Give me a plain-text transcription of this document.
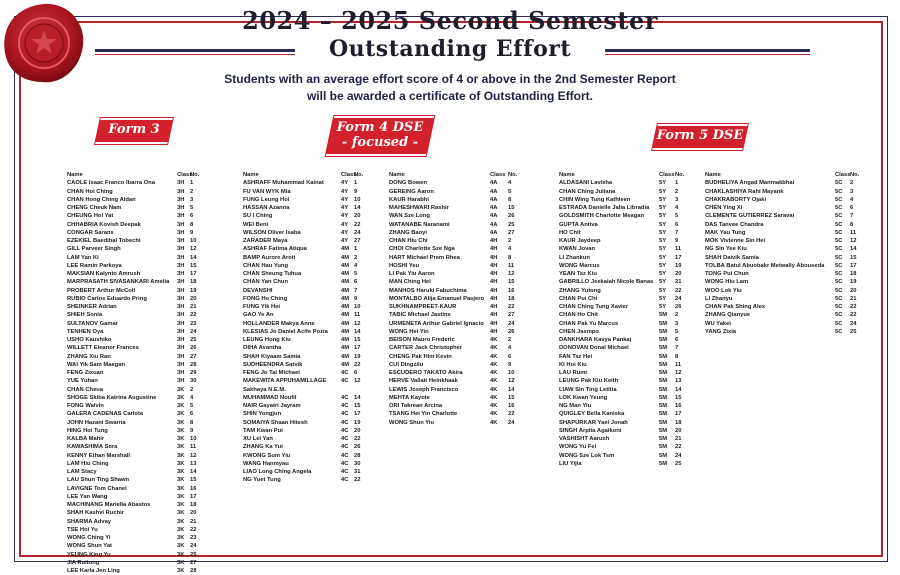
2024 – 2025 Second Semester
Outstanding Effort
Students with an average effort score of 4 or above in the 2nd Semester Report
will be awarded a certificate of Outstanding Effort.
Form 3	Form 4 DSE
- focused -	Form 5 DSE
Name	Class
No.
CAOLE Isaac Franco Ibarra Ona	3H 1
CHAN Hoi Ching	3H 2
CHAN Hong Ching Aidan	3H 3
CHENG Cheuk Nam	3H 5
CHEUNG Hoi Yat	3H 6
CHHABRIA Kovish Deepak	3H 8
CONGAR Sarans	3H 9
EZEKIEL Baedibal Tobechi	3H 10
GILL Parveer Singh	3H 12
LAM Yan Ki	3H 14
LEE Ramin Parkoya	3H 15
MAKSIAN Kalynto Amrush	3H 17
MARPRASATH SIVASANKARI Amelia	3H 18
PROBERT Arthur McColl	3H 19
RUBIO Carlos Eduardo Pring	3H 20
SHEINKER Adrian	3H 21
SHIEH Sonia	3H 22
SULTANOV Gamar	3H 23
TENHEN Oya	3H 24
USHO Kaushiko	3H 25
WILLETT Eleanor Frances	3H 26
ZHANG Xiu Ran	3H 27
WAI Yik Sam Maegan	3H 28
FENG Zixuan	3H 29
YUE Yuhan	3H 30
CHAN Cheua	3K 2
SHOGE Skiba Katrina Augustine	3K 4
FONG Walvin	3K 5
GALERA CADENAS Carlota	3K 6
JOHN Hazani Swarna	3K 8
HING Hoi Tung	3K 9
KALBA Mahir	3K 10
KAWASHIMA Sora	3K 11
KENNY Ethan Marshall	3K 12
LAM Hiu Ching	3K 13
LAM Stacy	3K 14
LAU Shun Ting Shawn	3K 15
LAVIGNE Tom Chanel	3K 16
LEE Yan Wang	3K 17
MACHINANG Mariella Abastos	3K 18
SHAH Kashvi Ruchir	3K 20
SHARMA Advay	3K 21
TSE Hoi Yu	3K 22
WONG Ching Yi	3K 23
WONG Shun Yat	3K 24
YEUNG King Yu	3K 25
JIA Ruitong	3K 27
LEE Karla Jen Ling	3K 28
Name	Class
No.
ASHRAFF Muhammad Kainat	4Y	1
FU VAN WYK Mia	4Y	9
FUNG Leung Hoi	4Y	10
HASSAN Azanna	4Y	14
SU I Ching	4Y	20
WEI Beni	4Y	22
WILSON Oliver Isaba	4Y	24
ZARADER Maya	4Y	27
ASHRAF Fatima Atiqua	4M 1
BAMP Aurore Aroit	4M 2
CHAN Hau Yung	4M 4
CHAN Sheung Tuhua	4M 5
CHAN Yan Chun	4M 6
DEVANSHI	4M 7
FONG Ho Ching	4M 9
FUNG Yik Hei	4M 10
GAO Ye An	4M 11
HOLLANDER Makya Anne	4M 12
KLESIAS Jo Daniel Acife Pozia	4M 14
LEUNG Hong Kiu	4M 15
OIHA Avantha	4M 17
SHAH Kiyaam Samia	4M 19
SUDHEENDRA Satvik	4M 22
FENG Jo Tai Michael	4C 6
MAKEWITA APPUHAMILLAGE	4C 12
Sakhaya N.E.M.
MUHAMMAD Noufil	4C 14
NAIR Gayatri Jayram	4C 15
SHIN Yongjun	4C 17
SOMAIYA Shaan Hitesh	4C 19
TAM Kwan Pui	4C 20
XU Lei Yan	4C 22
ZHANG Ka Yui	4C 26
KWONG Sum Yiu	4C 28
WANG Hanmyau	4C 30
LIAO Long Ching Angela	4C 31
NG Yuet Tung	4C 22
Name	Class No.
DONG Bowen	4A	4
GEREING Aaron	4A	5
KAUR Harabhi	4A	8
MAHESHWARI Rashir	4A	15
WAN Sze Long	4A	26
WATANABE Naranami	4A	25
ZHANG Baoyi	4A	27
CHAN Hiu Chi	4H	2
CHOI Charlotte Sze Nga	4H	4
HART Michael Prem Rhea	4H	8
HOSHI Yeu	4H	11
LI Pak Yiu Aaron	4H	12
MAN Ching Hei	4H	15
MANHOS Haruki Fabuchima	4H	16
MONTALBO Alija Emanuel Pasjero	4H	18
SUKHNAMPREET-KAUR	4H	22
TABIC Michael Jastins	4H	27
URMENETA Arthur Gabriel Ignacio	4H	24
WONG Hei Yin	4H	26
BEISON Mauro Frederic	4K	2
CARTER Jack Christopher	4K	4
CHENG Pak Him Kevin	4K	6
CUI Dingzilu	4K	9
ESCUDERO TAKATO Akira	4K	10
HERVE Vallait Heinkhaak	4K	12
LEWIS Joseph Francisco	4K	14
MEHTA Kayote	4K	15
ORI Takrean Arcina	4K	16
TSANG Hei Yin Charlotte	4K	22
WONG Shun Yiu	4K	24
Name	Class No.
ALDASANI Lavisha	5Y	1
CHAN Ching Juliana	5Y	2
CHIN Wing Tung Kathleen	5Y	3
ESTRADA Danielle Jalia Libradia	5Y	4
GOLDSMITH Charlotte Meagan	5Y	5
GUPTA Antiva	5Y	6
HO Chit	5Y	7
KAUR Jaydeep	5Y	9
KWAN Jovan	5Y	11
LI Zhankun	5Y	17
WONG Marcus	5Y	19
YEAN Tsz Kiu	5Y	20
GABRILLO Jeekaiah Nicole Banas 5Y	21
ZHANG Yutong	5Y	22
CHAN Pui Chi	5Y	24
CHAN Ching Tung Xavier	5Y	26
CHAN Ho Chit	5M	2
CHAN Pak Yu Marcus	5M	3
CHEN Jasmpo	5M	5
DANKHARA Kavya Pankaj	5M	6
DONOVAN Donal Michael	5M	7
FAN Tsz Hei	5M	8
KI Hoi Kiu	5M	11
LAU Rumi	5M	12
LEUNG Pak Kiu Keith	5M	13
LIAW Sin Ting Letitia	5M	14
LOK Kwan Yeung	5M	15
NG Man Yiu	5M	16
QUIGLEY Bella Kaniska	5M	17
SHAPURKAR Yael Jonah	5M	18
SINGH Arpita Agaikoni	5M	20
VASHISHT Aarush	5M	21
WONG Yu Fei	5M	22
WONG Sze Lok Tsm	5M	24
LIU Yijia	5M	25
Name	Class No.
BUDHELIYA Angad Manmakbhai	5C	2
CHAKLASHIYA Rahi Mayank	5C	3
CHAKRABORTY Ojaki	5C	4
CHEN Ying Xi	5C	6
CLEMENTE GUTIERREZ Saravai	5C	7
DAS Tanvee Chandra	5C	8
MAK Yau Tung	5C	11
MOK Vivienne Sin Hei	5C	12
NG Sin Yee Kiu	5C	14
SHAH Daivik Samia	5C	15
TOLBA Batul Abuobakr Metwally Abouseda	5C	17
TONG Pui Chun	5C	18
WONG Hiu Lam	5C	19
WOO Lok Yiu	5C	20
LI Zhanyu	5C	21
CHAN Pak Shing Alex	5C	22
ZHANG Qianyue	5C	22
WU Yakei	5C	24
YANG Zixia	5C	25
